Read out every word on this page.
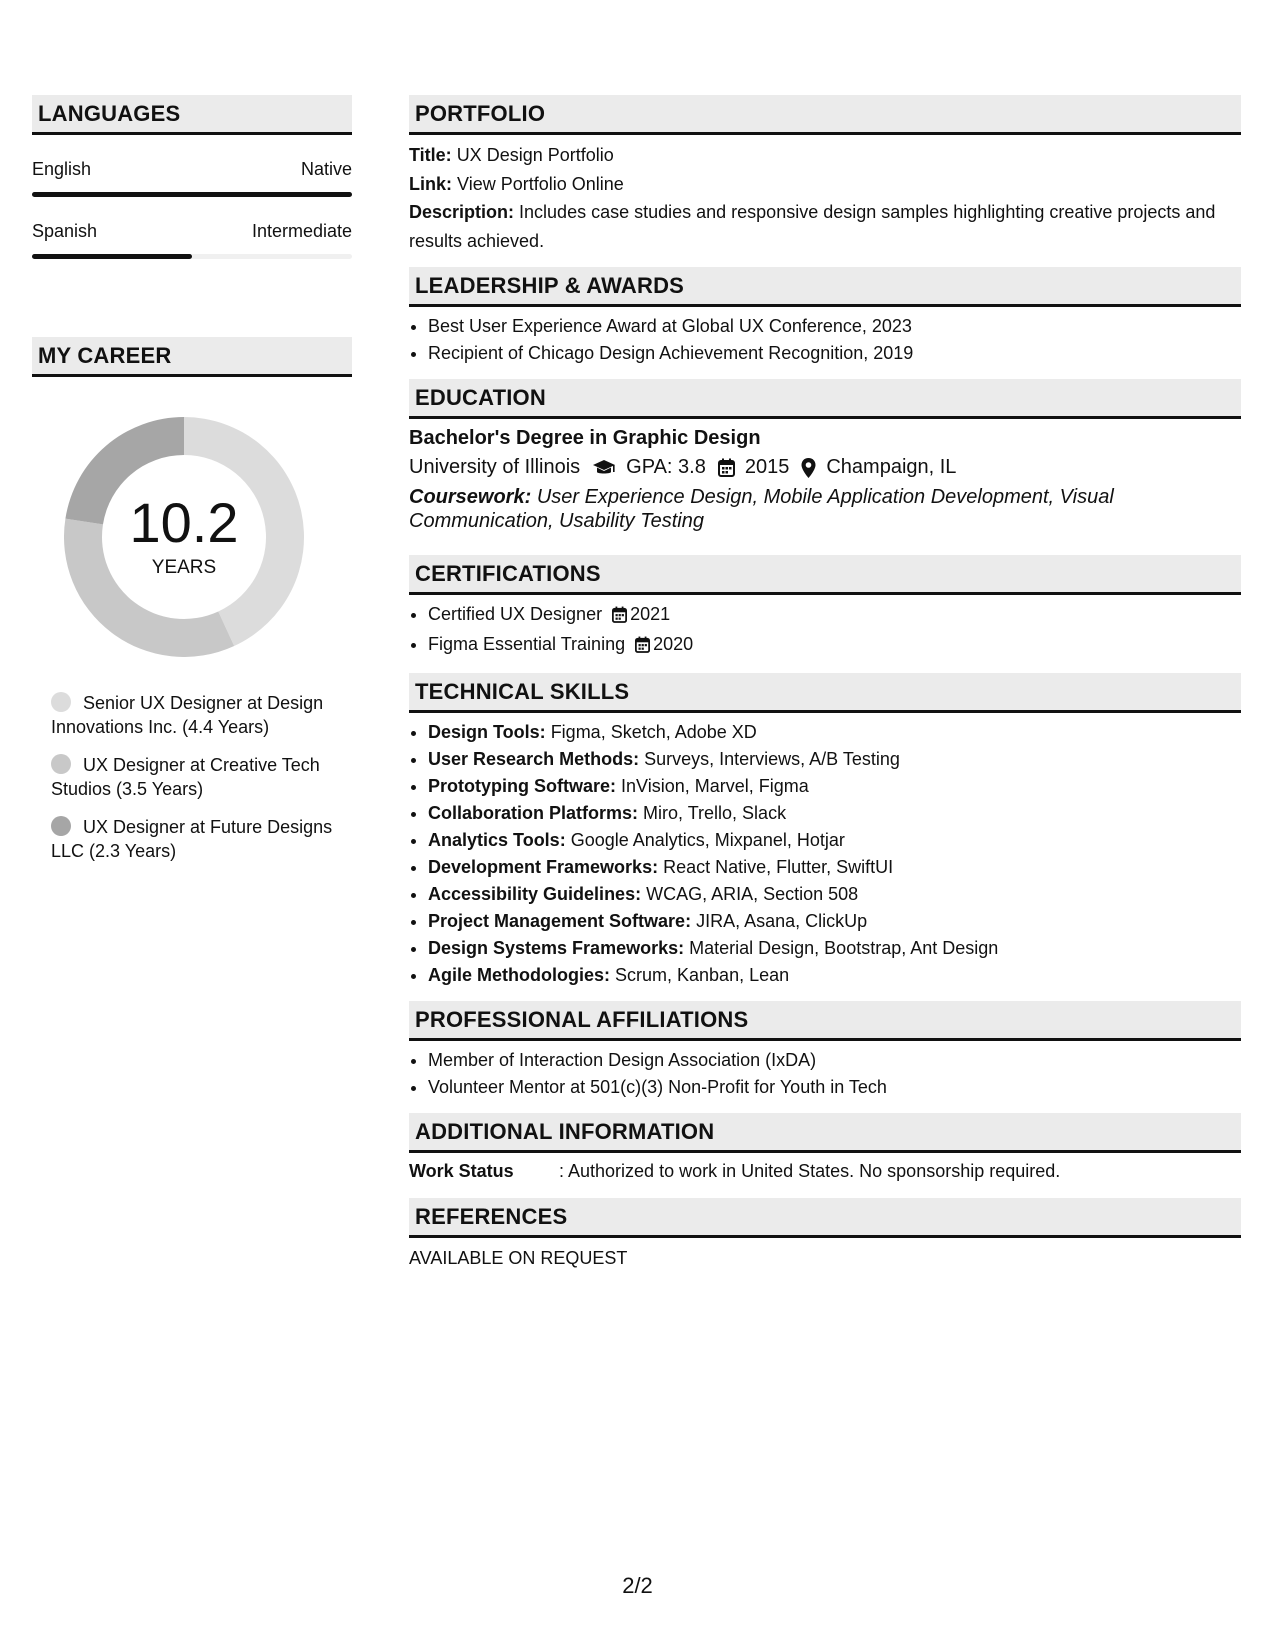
LANGUAGES
English	Native
Spanish	Intermediate
MY CAREER
10.2
YEARS
Senior UX Designer at Design Innovations Inc. (4.4 Years)
UX Designer at Creative Tech Studios (3.5 Years)
UX Designer at Future Designs LLC (2.3 Years)
PORTFOLIO
Title: UX Design Portfolio
Link: View Portfolio Online
Description: Includes case studies and responsive design samples highlighting creative projects and results achieved.
LEADERSHIP & AWARDS
• Best User Experience Award at Global UX Conference, 2023
• Recipient of Chicago Design Achievement Recognition, 2019
EDUCATION
Bachelor's Degree in Graphic Design
University of Illinois GPA: 3.8 2015 Champaign, IL
Coursework: User Experience Design, Mobile Application Development, Visual Communication, Usability Testing
CERTIFICATIONS
• Certified UX Designer 2021
• Figma Essential Training 2020
TECHNICAL SKILLS
• Design Tools: Figma, Sketch, Adobe XD
• User Research Methods: Surveys, Interviews, A/B Testing
• Prototyping Software: InVision, Marvel, Figma
• Collaboration Platforms: Miro, Trello, Slack
• Analytics Tools: Google Analytics, Mixpanel, Hotjar
• Development Frameworks: React Native, Flutter, SwiftUI
• Accessibility Guidelines: WCAG, ARIA, Section 508
• Project Management Software: JIRA, Asana, ClickUp
• Design Systems Frameworks: Material Design, Bootstrap, Ant Design
• Agile Methodologies: Scrum, Kanban, Lean
PROFESSIONAL AFFILIATIONS
• Member of Interaction Design Association (IxDA)
• Volunteer Mentor at 501(c)(3) Non-Profit for Youth in Tech
ADDITIONAL INFORMATION
Work Status	: Authorized to work in United States. No sponsorship required.
REFERENCES
AVAILABLE ON REQUEST
2/2
